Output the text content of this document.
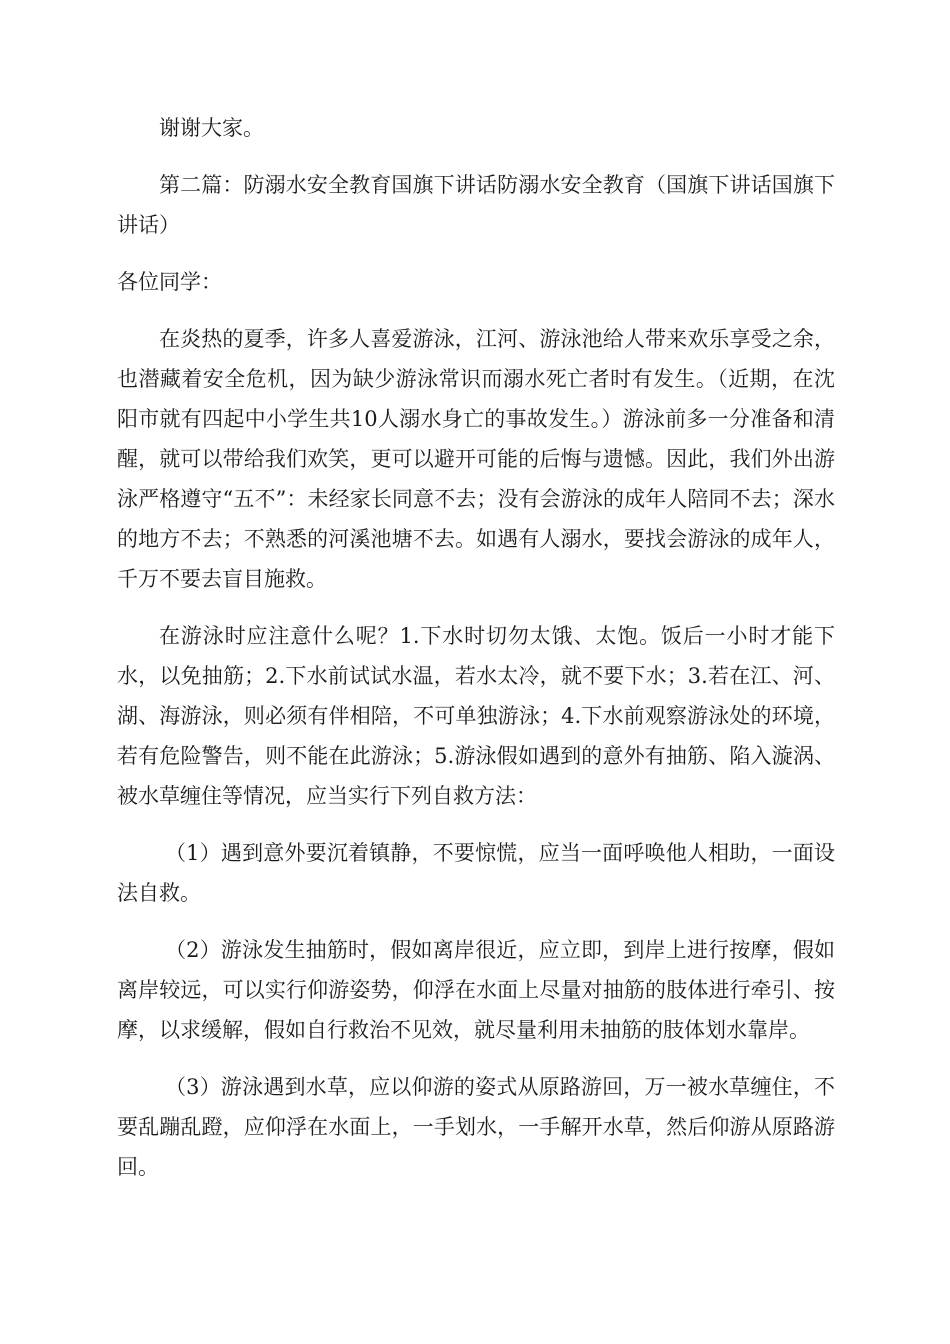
谢谢大家。

第二篇：防溺水安全教育国旗下讲话防溺水安全教育（国旗下讲话国旗下讲话）

各位同学：

在炎热的夏季，许多人喜爱游泳，江河、游泳池给人带来欢乐享受之余，也潜藏着安全危机，因为缺少游泳常识而溺水死亡者时有发生。（近期，在沈阳市就有四起中小学生共10人溺水身亡的事故发生。）游泳前多一分准备和清醒，就可以带给我们欢笑，更可以避开可能的后悔与遗憾。因此，我们外出游泳严格遵守“五不”：未经家长同意不去；没有会游泳的成年人陪同不去；深水的地方不去；不熟悉的河溪池塘不去。如遇有人溺水，要找会游泳的成年人，千万不要去盲目施救。

在游泳时应注意什么呢？1.下水时切勿太饿、太饱。饭后一小时才能下水，以免抽筋；2.下水前试试水温，若水太冷，就不要下水；3.若在江、河、湖、海游泳，则必须有伴相陪，不可单独游泳；4.下水前观察游泳处的环境，若有危险警告，则不能在此游泳；5.游泳假如遇到的意外有抽筋、陷入漩涡、被水草缠住等情况，应当实行下列自救方法：

（1）遇到意外要沉着镇静，不要惊慌，应当一面呼唤他人相助，一面设法自救。

（2）游泳发生抽筋时，假如离岸很近，应立即，到岸上进行按摩，假如离岸较远，可以实行仰游姿势，仰浮在水面上尽量对抽筋的肢体进行牵引、按摩，以求缓解，假如自行救治不见效，就尽量利用未抽筋的肢体划水靠岸。

（3）游泳遇到水草，应以仰游的姿式从原路游回，万一被水草缠住，不要乱蹦乱蹬，应仰浮在水面上，一手划水，一手解开水草，然后仰游从原路游回。
